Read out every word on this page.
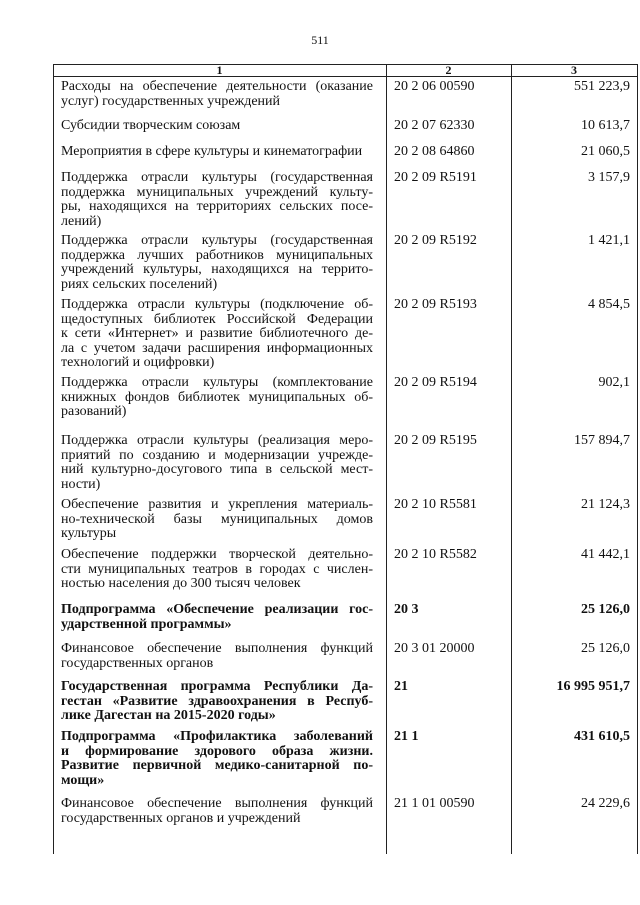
511
1	2	3
Расходы на обеспечение деятельности (оказание
услуг) государственных учреждений
20 2 06 00590	551 223,9
Субсидии творческим союзам	20 2 07 62330	10 613,7
Мероприятия в сфере культуры и кинематографии	20 2 08 64860	21 060,5
Поддержка отрасли культуры (государственная
поддержка муниципальных учреждений культу-
ры, находящихся на территориях сельских посе-
лений)
20 2 09 R5191	3 157,9
Поддержка отрасли культуры (государственная
поддержка лучших работников муниципальных
учреждений культуры, находящихся на террито-
риях сельских поселений)
20 2 09 R5192	1 421,1
Поддержка отрасли культуры (подключение об-
щедоступных библиотек Российской Федерации
к сети «Интернет» и развитие библиотечного де-
ла с учетом задачи расширения информационных
технологий и оцифровки)
20 2 09 R5193	4 854,5
Поддержка отрасли культуры (комплектование
книжных фондов библиотек муниципальных об-
разований)
20 2 09 R5194	902,1
Поддержка отрасли культуры (реализация меро-
приятий по созданию и модернизации учрежде-
ний культурно-досугового типа в сельской мест-
ности)
20 2 09 R5195	157 894,7
Обеспечение развития и укрепления материаль-
но-технической базы муниципальных домов
культуры
20 2 10 R5581	21 124,3
Обеспечение поддержки творческой деятельно-
сти муниципальных театров в городах с числен-
ностью населения до 300 тысяч человек
20 2 10 R5582	41 442,1
Подпрограмма «Обеспечение реализации гос-
ударственной программы»
20 3	25 126,0
Финансовое обеспечение выполнения функций
государственных органов
20 3 01 20000	25 126,0
Государственная программа Республики Да-
гестан «Развитие здравоохранения в Респуб-
лике Дагестан на 2015-2020 годы»
21	16 995 951,7
Подпрограмма «Профилактика заболеваний
и формирование здорового образа жизни.
Развитие первичной медико-санитарной по-
мощи»
21 1	431 610,5
Финансовое обеспечение выполнения функций
государственных органов и учреждений
21 1 01 00590	24 229,6
